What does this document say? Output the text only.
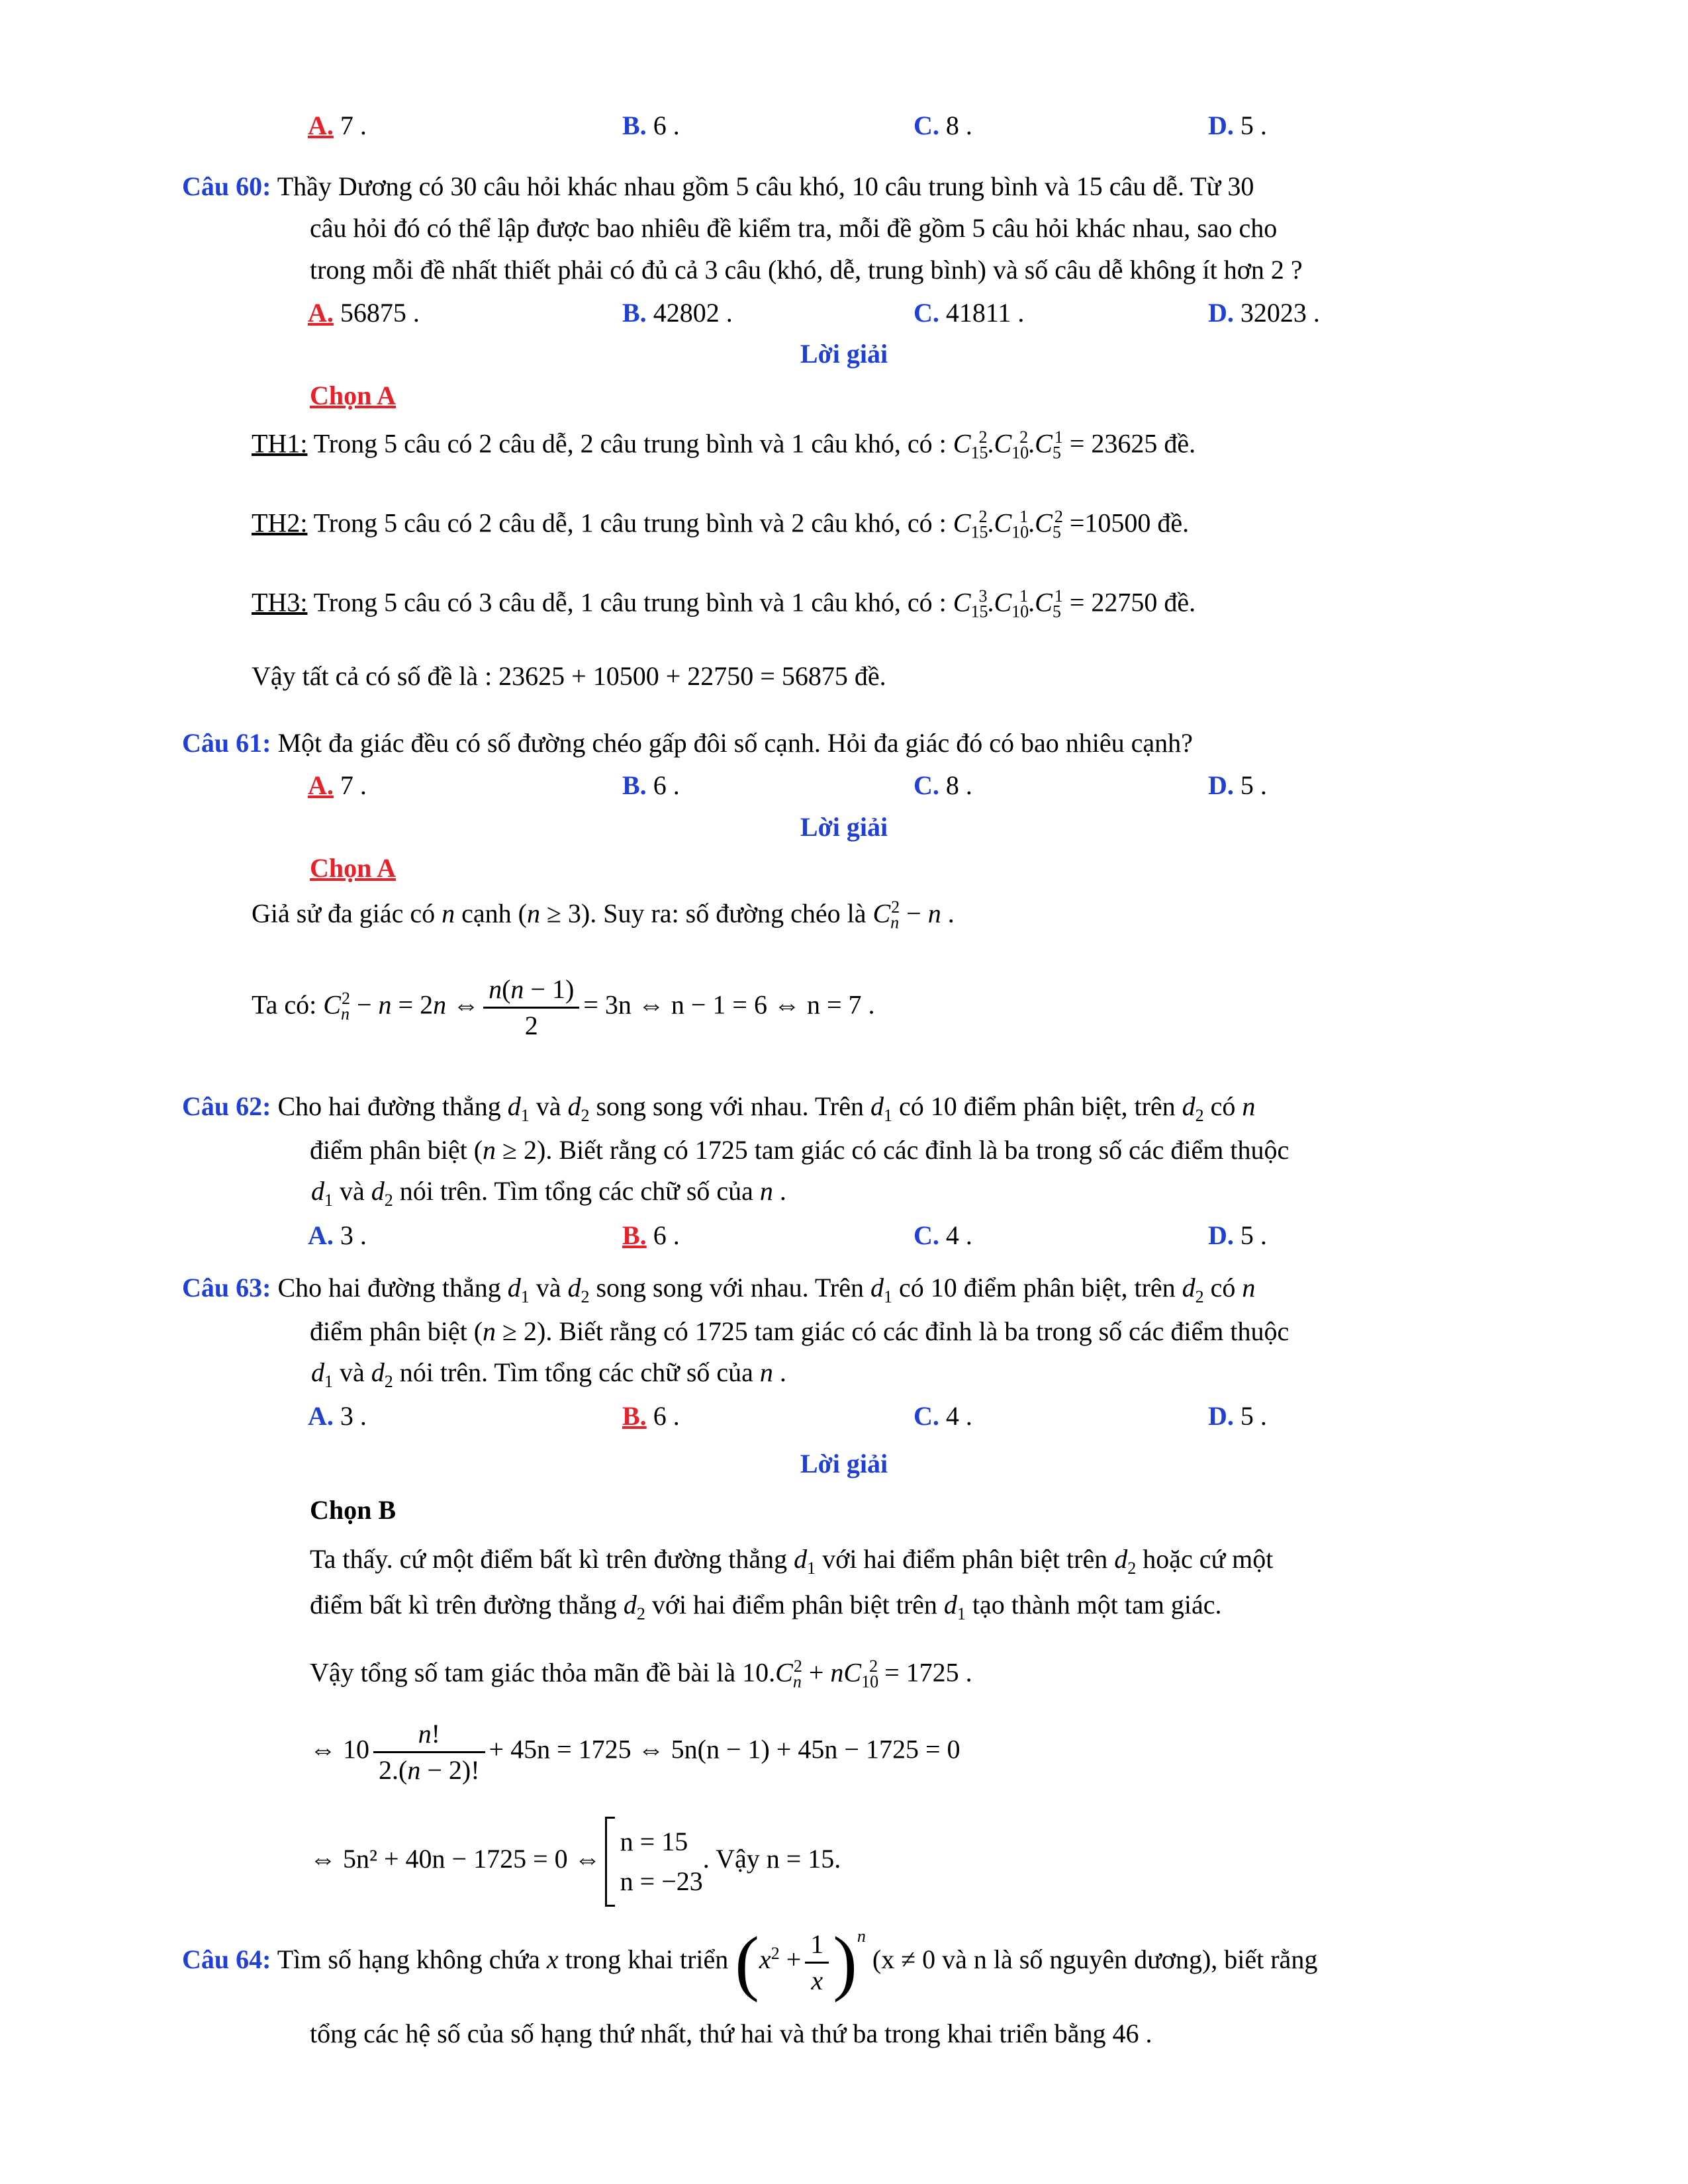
A. 7 .	B. 6 .	C. 8 .	D. 5 .
Câu 60: Thầy Dương có 30 câu hỏi khác nhau gồm 5 câu khó, 10 câu trung bình và 15 câu dễ. Từ 30
câu hỏi đó có thể lập được bao nhiêu đề kiểm tra, mỗi đề gồm 5 câu hỏi khác nhau, sao cho
trong mỗi đề nhất thiết phải có đủ cả 3 câu (khó, dễ, trung bình) và số câu dễ không ít hơn 2 ?
A. 56875 .	B. 42802 .	C. 41811 .	D. 32023 .
Lời giải
Chọn A
TH1: Trong 5 câu có 2 câu dễ, 2 câu trung bình và 1 câu khó, có : $C_{15}^2.C_{10}^2.C_5^1 = 23625$ đề.
TH2: Trong 5 câu có 2 câu dễ, 1 câu trung bình và 2 câu khó, có : $C_{15}^2.C_{10}^1.C_5^2 =10500$ đề.
TH3: Trong 5 câu có 3 câu dễ, 1 câu trung bình và 1 câu khó, có : $C_{15}^3.C_{10}^1.C_5^1 = 22750$ đề.
Vậy tất cả có số đề là : 23625 + 10500 + 22750 = 56875 đề.
Câu 61: Một đa giác đều có số đường chéo gấp đôi số cạnh. Hỏi đa giác đó có bao nhiêu cạnh?
A. 7 .	B. 6 .	C. 8 .	D. 5 .
Lời giải
Chọn A
Giả sử đa giác có n cạnh (n ≥ 3). Suy ra: số đường chéo là $C_n^2 - n$ .
Ta có: $C_n^2 - n = 2n$ ⇔ $\frac{n(n - 1)}{2} = 3n$ ⇔ n − 1 = 6 ⇔ n = 7 .
Câu 62: Cho hai đường thẳng $d_1$ và $d_2$ song song với nhau. Trên $d_1$ có 10 điểm phân biệt, trên $d_2$ có n
điểm phân biệt (n ≥ 2). Biết rằng có 1725 tam giác có các đỉnh là ba trong số các điểm thuộc
$d_1$ và $d_2$ nói trên. Tìm tổng các chữ số của n .
A. 3 .	B. 6 .	C. 4 .	D. 5 .
Câu 63: Cho hai đường thẳng $d_1$ và $d_2$ song song với nhau. Trên $d_1$ có 10 điểm phân biệt, trên $d_2$ có n
điểm phân biệt (n ≥ 2). Biết rằng có 1725 tam giác có các đỉnh là ba trong số các điểm thuộc
$d_1$ và $d_2$ nói trên. Tìm tổng các chữ số của n .
A. 3 .	B. 6 .	C. 4 .	D. 5 .
Lời giải
Chọn B
Ta thấy. cứ một điểm bất kì trên đường thẳng $d_1$ với hai điểm phân biệt trên $d_2$ hoặc cứ một
điểm bất kì trên đường thẳng $d_2$ với hai điểm phân biệt trên $d_1$ tạo thành một tam giác.
Vậy tổng số tam giác thỏa mãn đề bài là $10.C_n^2 + nC_{10}^2 = 1725$ .
⇔ $10 \frac{n!}{2.(n - 2)!} + 45n = 1725$ ⇔ 5n(n − 1) + 45n − 1725 = 0
⇔ 5n² + 40n − 1725 = 0 ⇔n = 15
n = −23. Vậy n = 15.
Câu 64: Tìm số hạng không chứa x trong khai triển $(x^2 + \frac{1}{x} )^n$ (x ≠ 0 và n là số nguyên dương), biết rằng
tổng các hệ số của số hạng thứ nhất, thứ hai và thứ ba trong khai triển bằng 46 .
